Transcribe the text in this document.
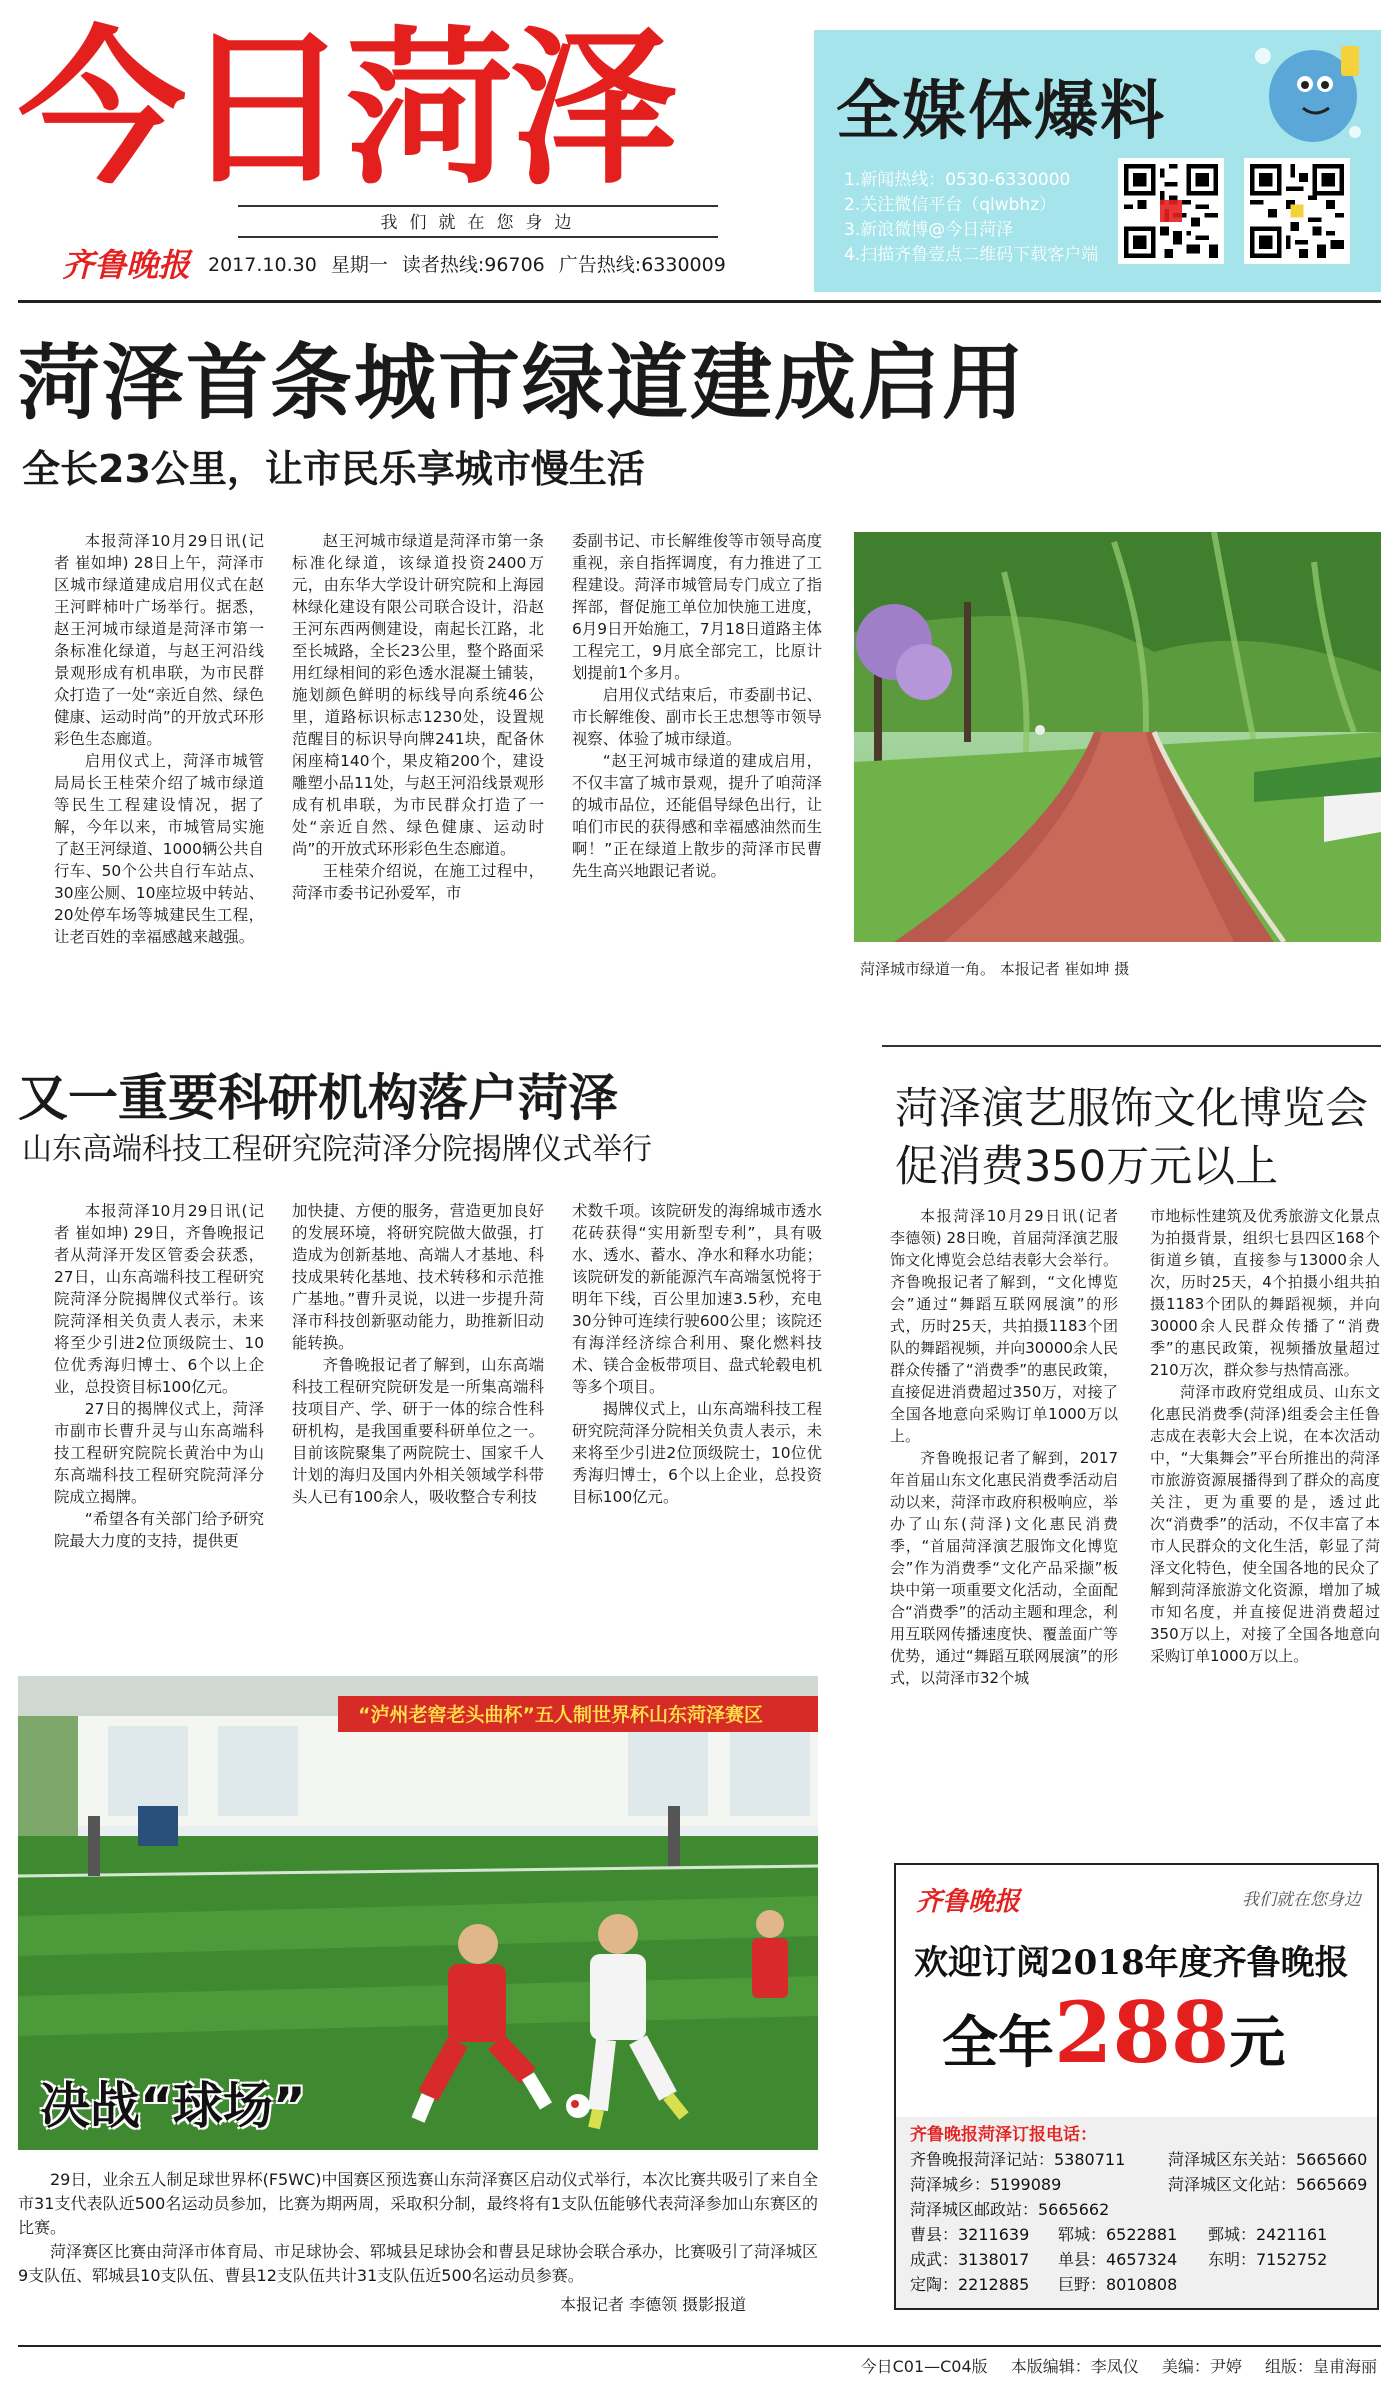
今日菏泽
我们就在您身边
齐鲁晚报 2017.10.30 星期一 读者热线:96706 广告热线:6330009
全媒体爆料
1.新闻热线：0530-6330000
2.关注微信平台（qlwbhz）
3.新浪微博@今日菏泽
4.扫描齐鲁壹点二维码下载客户端
菏泽首条城市绿道建成启用
全长23公里，让市民乐享城市慢生活

本报菏泽10月29日讯(记者 崔如坤) 28日上午，菏泽市区城市绿道建成启用仪式在赵王河畔柿叶广场举行。据悉，赵王河城市绿道是菏泽市第一条标准化绿道，与赵王河沿线景观形成有机串联，为市民群众打造了一处“亲近自然、绿色健康、运动时尚”的开放式环形彩色生态廊道。

启用仪式上，菏泽市城管局局长王桂荣介绍了城市绿道等民生工程建设情况，据了解，今年以来，市城管局实施了赵王河绿道、1000辆公共自行车、50个公共自行车站点、30座公厕、10座垃圾中转站、20处停车场等城建民生工程，让老百姓的幸福感越来越强。

赵王河城市绿道是菏泽市第一条标准化绿道，该绿道投资2400万元，由东华大学设计研究院和上海园林绿化建设有限公司联合设计，沿赵王河东西两侧建设，南起长江路，北至长城路，全长23公里，整个路面采用红绿相间的彩色透水混凝土铺装，施划颜色鲜明的标线导向系统46公里，道路标识标志1230处，设置规范醒目的标识导向牌241块，配备休闲座椅140个，果皮箱200个，建设雕塑小品11处，与赵王河沿线景观形成有机串联，为市民群众打造了一处“亲近自然、绿色健康、运动时尚”的开放式环形彩色生态廊道。

王桂荣介绍说，在施工过程中，菏泽市委书记孙爱军，市

委副书记、市长解维俊等市领导高度重视，亲自指挥调度，有力推进了工程建设。菏泽市城管局专门成立了指挥部，督促施工单位加快施工进度，6月9日开始施工，7月18日道路主体工程完工，9月底全部完工，比原计划提前1个多月。

启用仪式结束后，市委副书记、市长解维俊、副市长王忠想等市领导视察、体验了城市绿道。

“赵王河城市绿道的建成启用，不仅丰富了城市景观，提升了咱菏泽的城市品位，还能倡导绿色出行，让咱们市民的获得感和幸福感油然而生啊！”正在绿道上散步的菏泽市民曹先生高兴地跟记者说。

菏泽城市绿道一角。 本报记者 崔如坤 摄
又一重要科研机构落户菏泽
山东高端科技工程研究院菏泽分院揭牌仪式举行

本报菏泽10月29日讯(记者 崔如坤) 29日，齐鲁晚报记者从菏泽开发区管委会获悉，27日，山东高端科技工程研究院菏泽分院揭牌仪式举行。该院菏泽相关负责人表示，未来将至少引进2位顶级院士、10位优秀海归博士、6个以上企业，总投资目标100亿元。

27日的揭牌仪式上，菏泽市副市长曹升灵与山东高端科技工程研究院院长黄治中为山东高端科技工程研究院菏泽分院成立揭牌。

“希望各有关部门给予研究院最大力度的支持，提供更

加快捷、方便的服务，营造更加良好的发展环境，将研究院做大做强，打造成为创新基地、高端人才基地、科技成果转化基地、技术转移和示范推广基地。”曹升灵说，以进一步提升菏泽市科技创新驱动能力，助推新旧动能转换。

齐鲁晚报记者了解到，山东高端科技工程研究院研发是一所集高端科技项目产、学、研于一体的综合性科研机构，是我国重要科研单位之一。目前该院聚集了两院院士、国家千人计划的海归及国内外相关领域学科带头人已有100余人，吸收整合专利技

术数千项。该院研发的海绵城市透水花砖获得“实用新型专利”，具有吸水、透水、蓄水、净水和释水功能；该院研发的新能源汽车高端氢悦将于明年下线，百公里加速3.5秒，充电30分钟可连续行驶600公里；该院还有海洋经济综合利用、聚化燃料技术、镁合金板带项目、盘式轮毂电机等多个项目。

揭牌仪式上，山东高端科技工程研究院菏泽分院相关负责人表示，未来将至少引进2位顶级院士，10位优秀海归博士，6个以上企业，总投资目标100亿元。

菏泽演艺服饰文化博览会
促消费350万元以上

本报菏泽10月29日讯(记者 李德领) 28日晚，首届菏泽演艺服饰文化博览会总结表彰大会举行。齐鲁晚报记者了解到，“文化博览会”通过“舞蹈互联网展演”的形式，历时25天，共拍摄1183个团队的舞蹈视频，并向30000余人民群众传播了“消费季”的惠民政策，直接促进消费超过350万，对接了全国各地意向采购订单1000万以上。

齐鲁晚报记者了解到，2017年首届山东文化惠民消费季活动启动以来，菏泽市政府积极响应，举办了山东(菏泽)文化惠民消费季，“首届菏泽演艺服饰文化博览会”作为消费季“文化产品采撷”板块中第一项重要文化活动，全面配合“消费季”的活动主题和理念，利用互联网传播速度快、覆盖面广等优势，通过“舞蹈互联网展演”的形式，以菏泽市32个城

市地标性建筑及优秀旅游文化景点为拍摄背景，组织七县四区168个街道乡镇，直接参与13000余人次，历时25天，4个拍摄小组共拍摄1183个团队的舞蹈视频，并向30000余人民群众传播了“消费季”的惠民政策，视频播放量超过210万次，群众参与热情高涨。

菏泽市政府党组成员、山东文化惠民消费季(菏泽)组委会主任鲁志成在表彰大会上说，在本次活动中，“大集舞会”平台所推出的菏泽市旅游资源展播得到了群众的高度关注，更为重要的是，透过此次“消费季”的活动，不仅丰富了本市人民群众的文化生活，彰显了菏泽文化特色，使全国各地的民众了解到菏泽旅游文化资源，增加了城市知名度，并直接促进消费超过350万以上，对接了全国各地意向采购订单1000万以上。

“泸州老窖老头曲杯”五人制世界杯山东菏泽赛区
决战“球场”

29日，业余五人制足球世界杯(F5WC)中国赛区预选赛山东菏泽赛区启动仪式举行，本次比赛共吸引了来自全市31支代表队近500名运动员参加，比赛为期两周，采取积分制，最终将有1支队伍能够代表菏泽参加山东赛区的比赛。

菏泽赛区比赛由菏泽市体育局、市足球协会、郓城县足球协会和曹县足球协会联合承办，比赛吸引了菏泽城区9支队伍、郓城县10支队伍、曹县12支队伍共计31支队伍近500名运动员参赛。

本报记者 李德领 摄影报道
齐鲁晚报	我们就在您身边
欢迎订阅2018年度齐鲁晚报
全年288元
齐鲁晚报菏泽订报电话：
齐鲁晚报菏泽记站：5380711	菏泽城区东关站：5665660
菏泽城乡：5199089	菏泽城区文化站：5665669
菏泽城区邮政站：5665662
曹县：3211639	郓城：6522881	鄄城：2421161
成武：3138017	单县：4657324	东明：7152752
定陶：2212885	巨野：8010808
今日C01—C04版 本版编辑：李凤仪 美编：尹婷 组版：皇甫海丽
